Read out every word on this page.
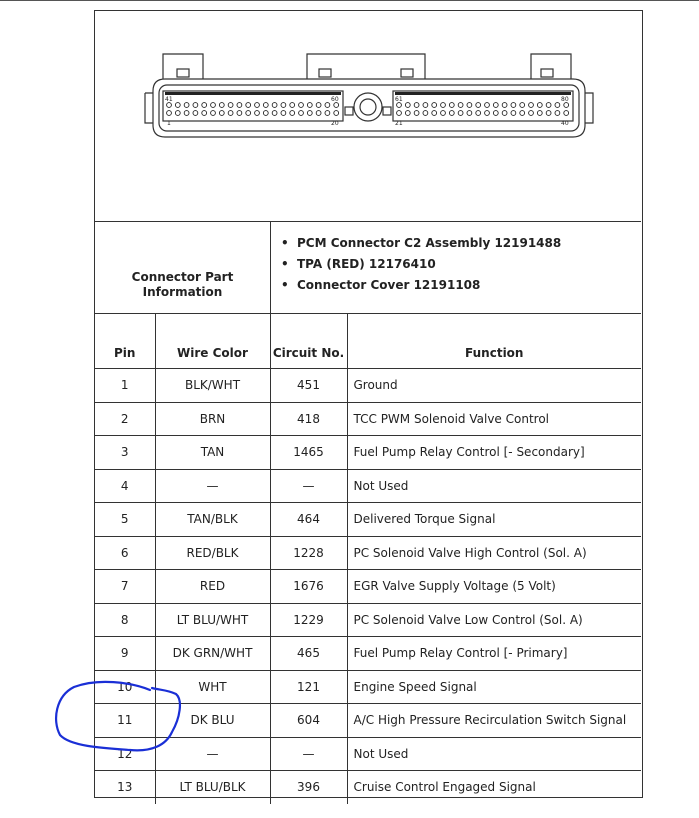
41	60	61	80
1	20	21	40
Connector Part Information
• PCM Connector C2 Assembly 12191488
• TPA (RED) 12176410
• Connector Cover 12191108
Pin	Wire Color	Circuit No.	Function
1	BLK/WHT	451	Ground
2	BRN	418	TCC PWM Solenoid Valve Control
3	TAN	1465	Fuel Pump Relay Control [- Secondary]
4	—	—	Not Used
5	TAN/BLK	464	Delivered Torque Signal
6	RED/BLK	1228	PC Solenoid Valve High Control (Sol. A)
7	RED	1676	EGR Valve Supply Voltage (5 Volt)
8	LT BLU/WHT	1229	PC Solenoid Valve Low Control (Sol. A)
9	DK GRN/WHT	465	Fuel Pump Relay Control [- Primary]
10	WHT	121	Engine Speed Signal
11	DK BLU	604	A/C High Pressure Recirculation Switch Signal
12	—	—	Not Used
13	LT BLU/BLK	396	Cruise Control Engaged Signal
